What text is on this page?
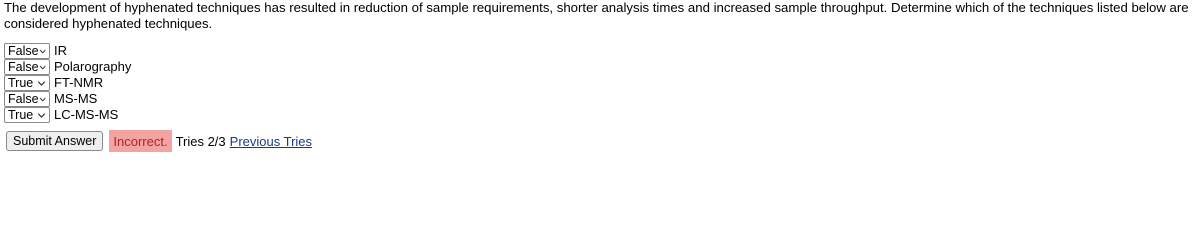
The development of hyphenated techniques has resulted in reduction of sample requirements, shorter analysis times and increased sample throughput. Determine which of the techniques listed below are considered hyphenated techniques.
False IR
False Polarography
True FT-NMR
False MS-MS
True LC-MS-MS
Submit Answer	Incorrect. Tries 2/3 Previous Tries
